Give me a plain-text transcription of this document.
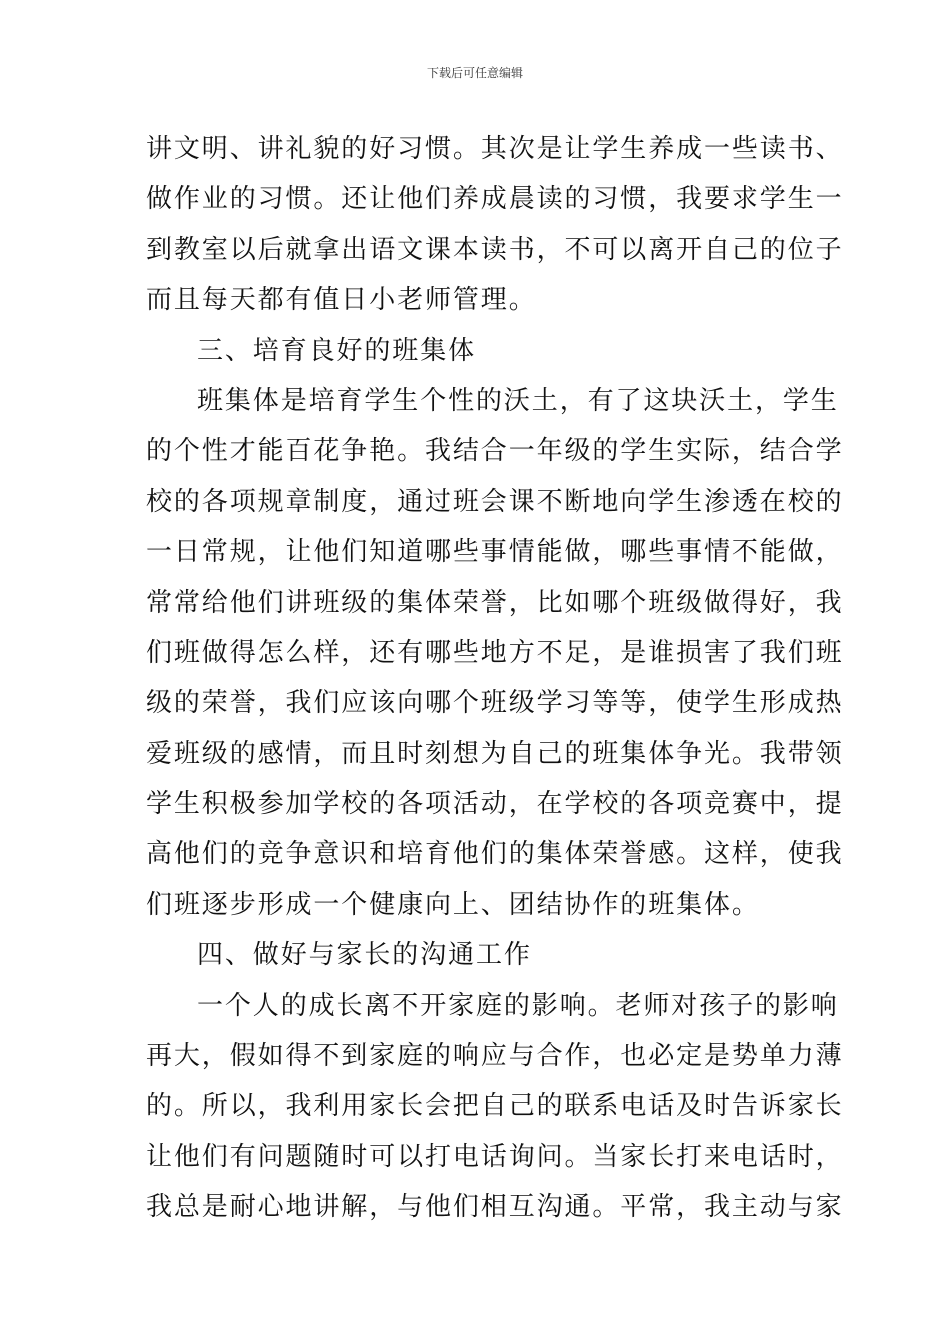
下载后可任意编辑

讲文明、讲礼貌的好习惯。其次是让学生养成一些读书、

做作业的习惯。还让他们养成晨读的习惯，我要求学生一

到教室以后就拿出语文课本读书，不可以离开自己的位子

而且每天都有值日小老师管理。

三、培育良好的班集体

班集体是培育学生个性的沃土，有了这块沃土，学生

的个性才能百花争艳。我结合一年级的学生实际，结合学

校的各项规章制度，通过班会课不断地向学生渗透在校的

一日常规，让他们知道哪些事情能做，哪些事情不能做，

常常给他们讲班级的集体荣誉，比如哪个班级做得好，我

们班做得怎么样，还有哪些地方不足，是谁损害了我们班

级的荣誉，我们应该向哪个班级学习等等，使学生形成热

爱班级的感情，而且时刻想为自己的班集体争光。我带领

学生积极参加学校的各项活动，在学校的各项竞赛中，提

高他们的竞争意识和培育他们的集体荣誉感。这样，使我

们班逐步形成一个健康向上、团结协作的班集体。

四、做好与家长的沟通工作

一个人的成长离不开家庭的影响。老师对孩子的影响

再大，假如得不到家庭的响应与合作，也必定是势单力薄

的。所以，我利用家长会把自己的联系电话及时告诉家长

让他们有问题随时可以打电话询问。当家长打来电话时，

我总是耐心地讲解，与他们相互沟通。平常，我主动与家
